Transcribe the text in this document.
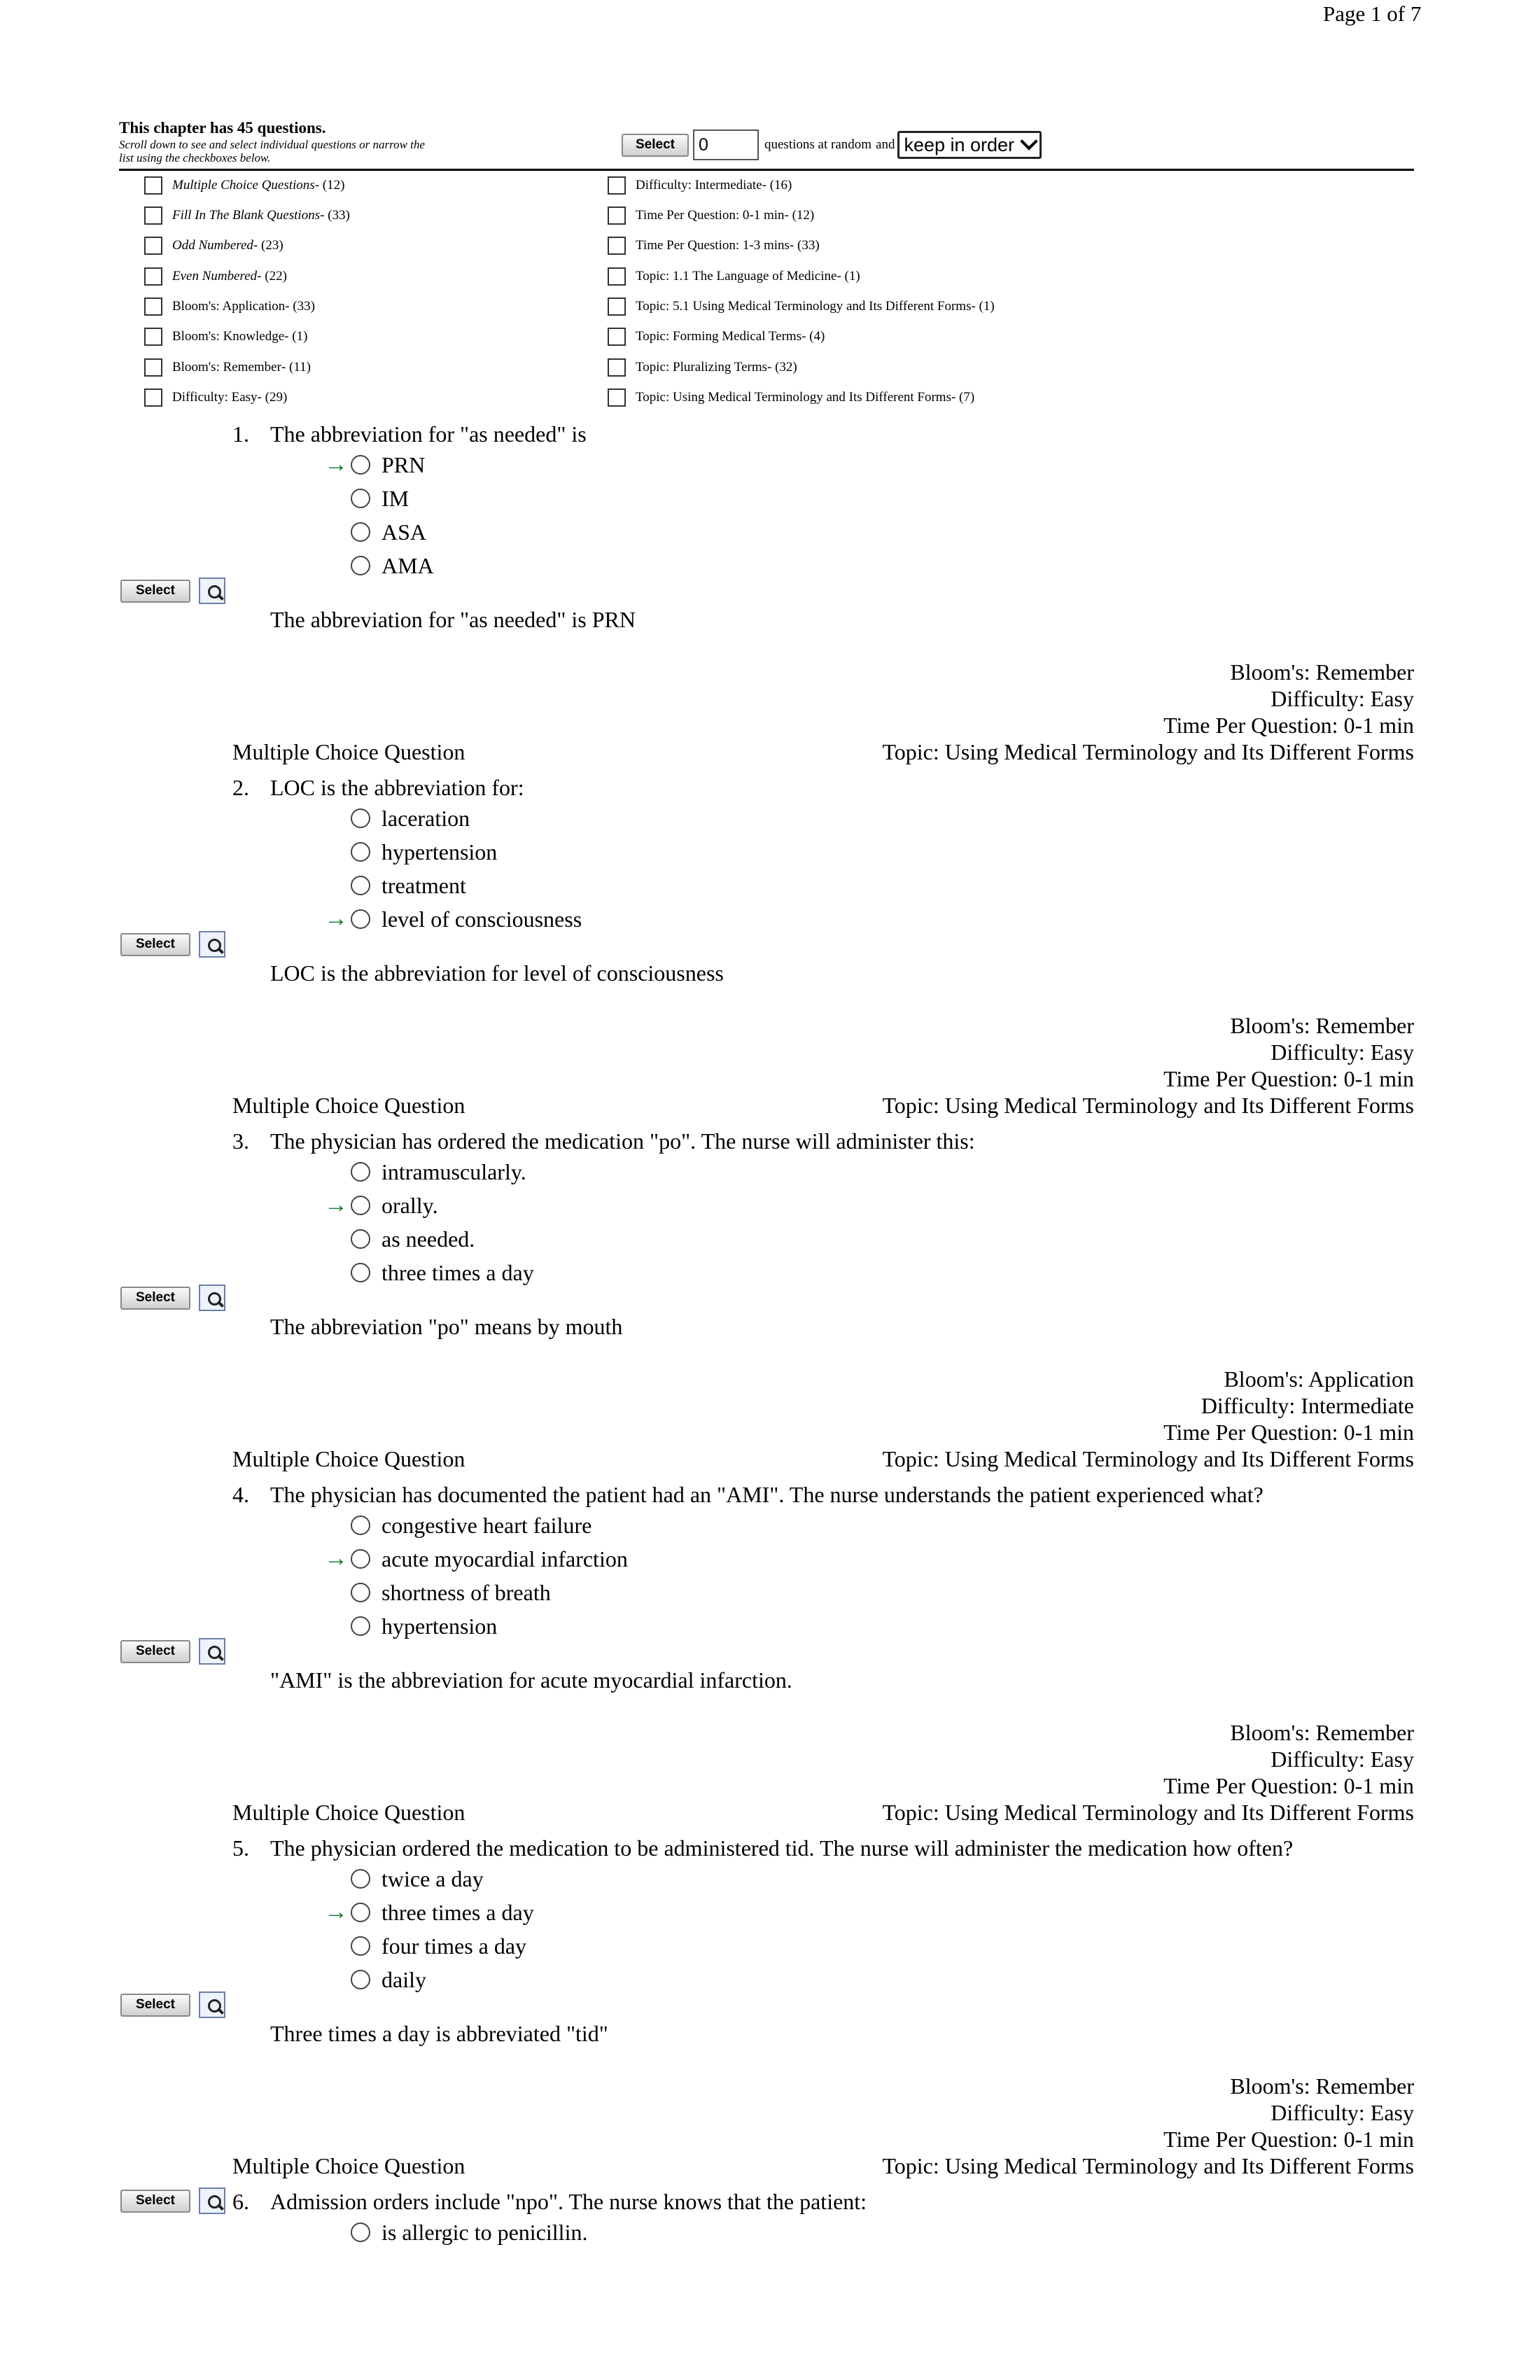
Page 1 of 7
This chapter has 45 questions.
Scroll down to see and select individual questions or narrow the list using the checkboxes below.
Select	0	questions at random and keep in order
Multiple Choice Questions - (12)
Fill In The Blank Questions - (33)
Odd Numbered - (23)
Even Numbered - (22)
Bloom's: Application - (33)
Bloom's: Knowledge - (1)
Bloom's: Remember - (11)
Difficulty: Easy - (29)
Difficulty: Intermediate - (16)
Time Per Question: 0-1 min - (12)
Time Per Question: 1-3 mins - (33)
Topic: 1.1 The Language of Medicine - (1)
Topic: 5.1 Using Medical Terminology and Its Different Forms - (1)
Topic: Forming Medical Terms - (4)
Topic: Pluralizing Terms - (32)
Topic: Using Medical Terminology and Its Different Forms - (7)
1. The abbreviation for "as needed" is
→ PRN
IM
ASA
AMA
Select
The abbreviation for "as needed" is PRN
Bloom's: Remember
Difficulty: Easy
Time Per Question: 0-1 min
Topic: Using Medical Terminology and Its Different Forms
Multiple Choice Question
2. LOC is the abbreviation for:
laceration
hypertension
treatment
→ level of consciousness
Select
LOC is the abbreviation for level of consciousness
Bloom's: Remember
Difficulty: Easy
Time Per Question: 0-1 min
Topic: Using Medical Terminology and Its Different Forms
Multiple Choice Question
3. The physician has ordered the medication "po". The nurse will administer this:
intramuscularly.
→ orally.
as needed.
three times a day
Select
The abbreviation "po" means by mouth
Bloom's: Application
Difficulty: Intermediate
Time Per Question: 0-1 min
Topic: Using Medical Terminology and Its Different Forms
Multiple Choice Question
4. The physician has documented the patient had an "AMI". The nurse understands the patient experienced what?
congestive heart failure
→ acute myocardial infarction
shortness of breath
hypertension
Select
"AMI" is the abbreviation for acute myocardial infarction.
Bloom's: Remember
Difficulty: Easy
Time Per Question: 0-1 min
Topic: Using Medical Terminology and Its Different Forms
Multiple Choice Question
5. The physician ordered the medication to be administered tid. The nurse will administer the medication how often?
twice a day
→ three times a day
four times a day
daily
Select
Three times a day is abbreviated "tid"
Bloom's: Remember
Difficulty: Easy
Time Per Question: 0-1 min
Topic: Using Medical Terminology and Its Different Forms
Multiple Choice Question
6. Admission orders include "npo". The nurse knows that the patient:
is allergic to penicillin.
Select
